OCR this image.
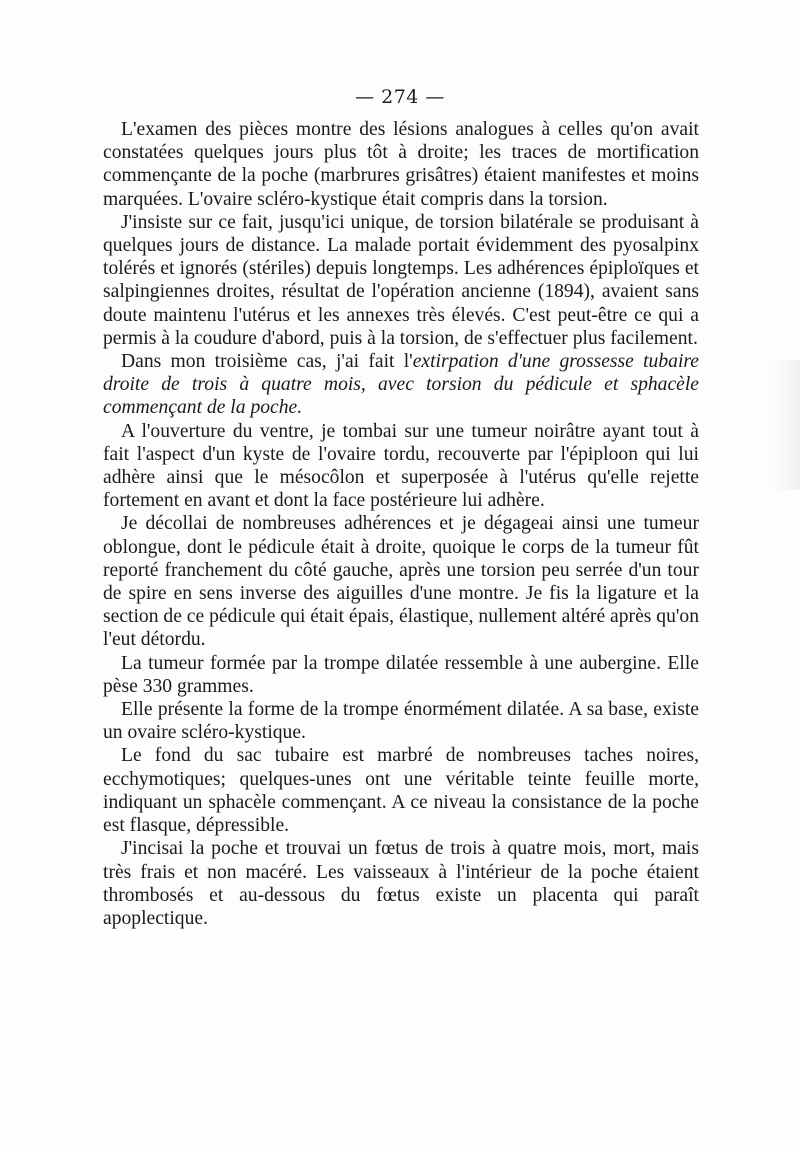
— 274 —

L'examen des pièces montre des lésions analogues à celles qu'on avait constatées quelques jours plus tôt à droite; les traces de mortification commençante de la poche (marbrures grisâtres) étaient manifestes et moins marquées. L'ovaire scléro-kystique était compris dans la torsion.

J'insiste sur ce fait, jusqu'ici unique, de torsion bilatérale se produisant à quelques jours de distance. La malade portait évidemment des pyosalpinx tolérés et ignorés (stériles) depuis longtemps. Les adhérences épiploïques et salpingiennes droites, résultat de l'opération ancienne (1894), avaient sans doute maintenu l'utérus et les annexes très élevés. C'est peut-être ce qui a permis à la coudure d'abord, puis à la torsion, de s'effectuer plus facilement.

Dans mon troisième cas, j'ai fait l'extirpation d'une grossesse tubaire droite de trois à quatre mois, avec torsion du pédicule et sphacèle commençant de la poche.

A l'ouverture du ventre, je tombai sur une tumeur noirâtre ayant tout à fait l'aspect d'un kyste de l'ovaire tordu, recouverte par l'épiploon qui lui adhère ainsi que le mésocôlon et superposée à l'utérus qu'elle rejette fortement en avant et dont la face postérieure lui adhère.

Je décollai de nombreuses adhérences et je dégageai ainsi une tumeur oblongue, dont le pédicule était à droite, quoique le corps de la tumeur fût reporté franchement du côté gauche, après une torsion peu serrée d'un tour de spire en sens inverse des aiguilles d'une montre. Je fis la ligature et la section de ce pédicule qui était épais, élastique, nullement altéré après qu'on l'eut détordu.

La tumeur formée par la trompe dilatée ressemble à une aubergine. Elle pèse 330 grammes.

Elle présente la forme de la trompe énormément dilatée. A sa base, existe un ovaire scléro-kystique.

Le fond du sac tubaire est marbré de nombreuses taches noires, ecchymotiques; quelques-unes ont une véritable teinte feuille morte, indiquant un sphacèle commençant. A ce niveau la consistance de la poche est flasque, dépressible.

J'incisai la poche et trouvai un fœtus de trois à quatre mois, mort, mais très frais et non macéré. Les vaisseaux à l'intérieur de la poche étaient thrombosés et au-dessous du fœtus existe un placenta qui paraît apoplectique.
